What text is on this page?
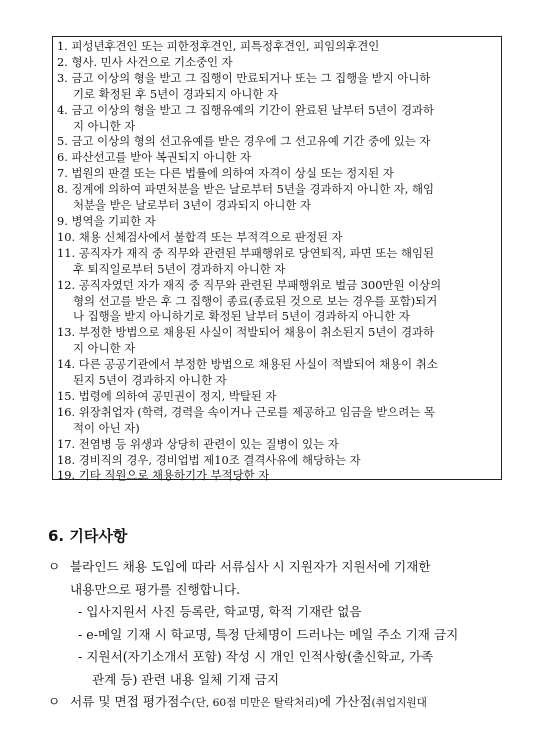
1. 피성년후견인 또는 피한정후견인, 피특정후견인, 피임의후견인
2. 형사. 민사 사건으로 기소중인 자
3. 금고 이상의 형을 받고 그 집행이 만료되거나 또는 그 집행을 받지 아니하
기로 확정된 후 5년이 경과되지 아니한 자
4. 금고 이상의 형을 받고 그 집행유예의 기간이 완료된 날부터 5년이 경과하
지 아니한 자
5. 금고 이상의 형의 선고유예를 받은 경우에 그 선고유예 기간 중에 있는 자
6. 파산선고를 받아 복권되지 아니한 자
7. 법원의 판결 또는 다른 법률에 의하여 자격이 상실 또는 정지된 자
8. 징계에 의하여 파면처분을 받은 날로부터 5년을 경과하지 아니한 자, 해임
처분을 받은 날로부터 3년이 경과되지 아니한 자
9. 병역을 기피한 자
10. 채용 신체검사에서 불합격 또는 부적격으로 판정된 자
11. 공직자가 재직 중 직무와 관련된 부패행위로 당연퇴직, 파면 또는 해임된
후 퇴직일로부터 5년이 경과하지 아니한 자
12. 공직자였던 자가 재직 중 직무와 관련된 부패행위로 벌금 300만원 이상의
형의 선고를 받은 후 그 집행이 종료(종료된 것으로 보는 경우를 포함)되거
나 집행을 받지 아니하기로 확정된 날부터 5년이 경과하지 아니한 자
13. 부정한 방법으로 채용된 사실이 적발되어 채용이 취소된지 5년이 경과하
지 아니한 자
14. 다른 공공기관에서 부정한 방법으로 채용된 사실이 적발되어 채용이 취소
된지 5년이 경과하지 아니한 자
15. 법령에 의하여 공민권이 정지, 박탈된 자
16. 위장취업자 (학력, 경력을 속이거나 근로를 제공하고 임금을 받으려는 목
적이 아닌 자)
17. 전염병 등 위생과 상당히 관련이 있는 질병이 있는 자
18. 경비직의 경우, 경비업법 제10조 결격사유에 해당하는 자
19. 기타 직원으로 채용하기가 부적당한 자
6. 기타사항
ㅇ 블라인드 채용 도입에 따라 서류심사 시 지원자가 지원서에 기재한
내용만으로 평가를 진행합니다.
- 입사지원서 사진 등록란, 학교명, 학적 기재란 없음
- e-메일 기재 시 학교명, 특정 단체명이 드러나는 메일 주소 기재 금지
- 지원서(자기소개서 포함) 작성 시 개인 인적사항(출신학교, 가족
관계 등) 관련 내용 일체 기재 금지
ㅇ 서류 및 면접 평가점수(단, 60점 미만은 탈락처리)에 가산점(취업지원대
